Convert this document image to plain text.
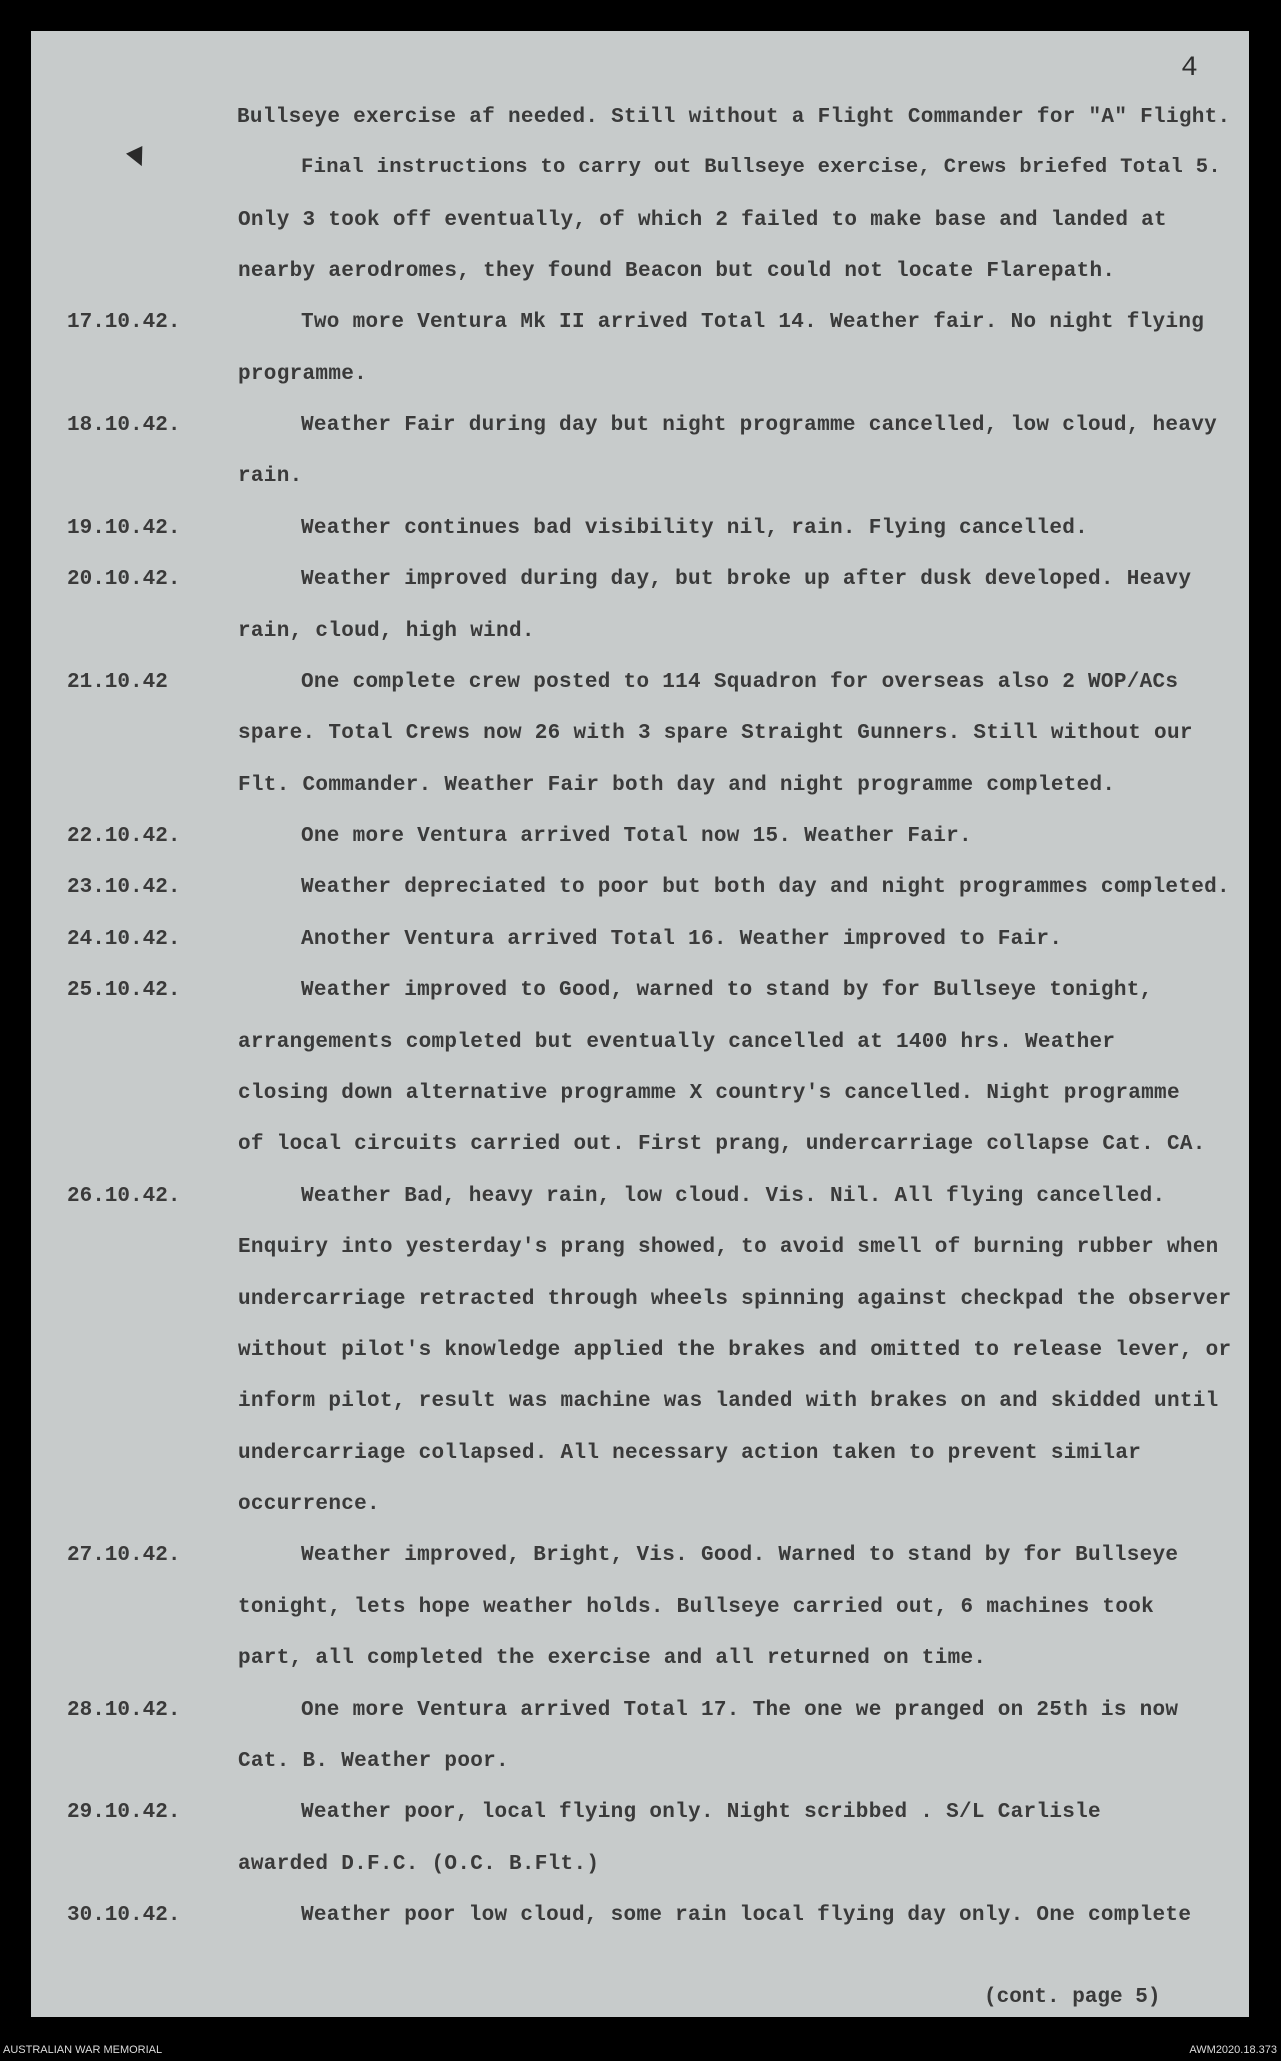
4
Bullseye exercise af needed. Still without a Flight Commander for "A" Flight.
Final instructions to carry out Bullseye exercise, Crews briefed Total 5.
Only 3 took off eventually, of which 2 failed to make base and landed at
nearby aerodromes, they found Beacon but could not locate Flarepath.
17.10.42.	Two more Ventura Mk II arrived Total 14. Weather fair. No night flying
programme.
18.10.42.	Weather Fair during day but night programme cancelled, low cloud, heavy
rain.
19.10.42.	Weather continues bad visibility nil, rain. Flying cancelled.
20.10.42.	Weather improved during day, but broke up after dusk developed. Heavy
rain, cloud, high wind.
21.10.42	One complete crew posted to 114 Squadron for overseas also 2 WOP/ACs
spare. Total Crews now 26 with 3 spare Straight Gunners. Still without our
Flt. Commander. Weather Fair both day and night programme completed.
22.10.42.	One more Ventura arrived Total now 15. Weather Fair.
23.10.42.	Weather depreciated to poor but both day and night programmes completed.
24.10.42.	Another Ventura arrived Total 16. Weather improved to Fair.
25.10.42.	Weather improved to Good, warned to stand by for Bullseye tonight,
arrangements completed but eventually cancelled at 1400 hrs. Weather
closing down alternative programme X country's cancelled. Night programme
of local circuits carried out. First prang, undercarriage collapse Cat. CA.
26.10.42.	Weather Bad, heavy rain, low cloud. Vis. Nil. All flying cancelled.
Enquiry into yesterday's prang showed, to avoid smell of burning rubber when
undercarriage retracted through wheels spinning against checkpad the observer
without pilot's knowledge applied the brakes and omitted to release lever, or
inform pilot, result was machine was landed with brakes on and skidded until
undercarriage collapsed. All necessary action taken to prevent similar
occurrence.
27.10.42.	Weather improved, Bright, Vis. Good. Warned to stand by for Bullseye
tonight, lets hope weather holds. Bullseye carried out, 6 machines took
part, all completed the exercise and all returned on time.
28.10.42.	One more Ventura arrived Total 17. The one we pranged on 25th is now
Cat. B. Weather poor.
29.10.42.	Weather poor, local flying only. Night scribbed . S/L Carlisle
awarded D.F.C. (O.C. B.Flt.)
30.10.42.	Weather poor low cloud, some rain local flying day only. One complete
(cont. page 5)
AUSTRALIAN WAR MEMORIAL	AWM2020.18.373
